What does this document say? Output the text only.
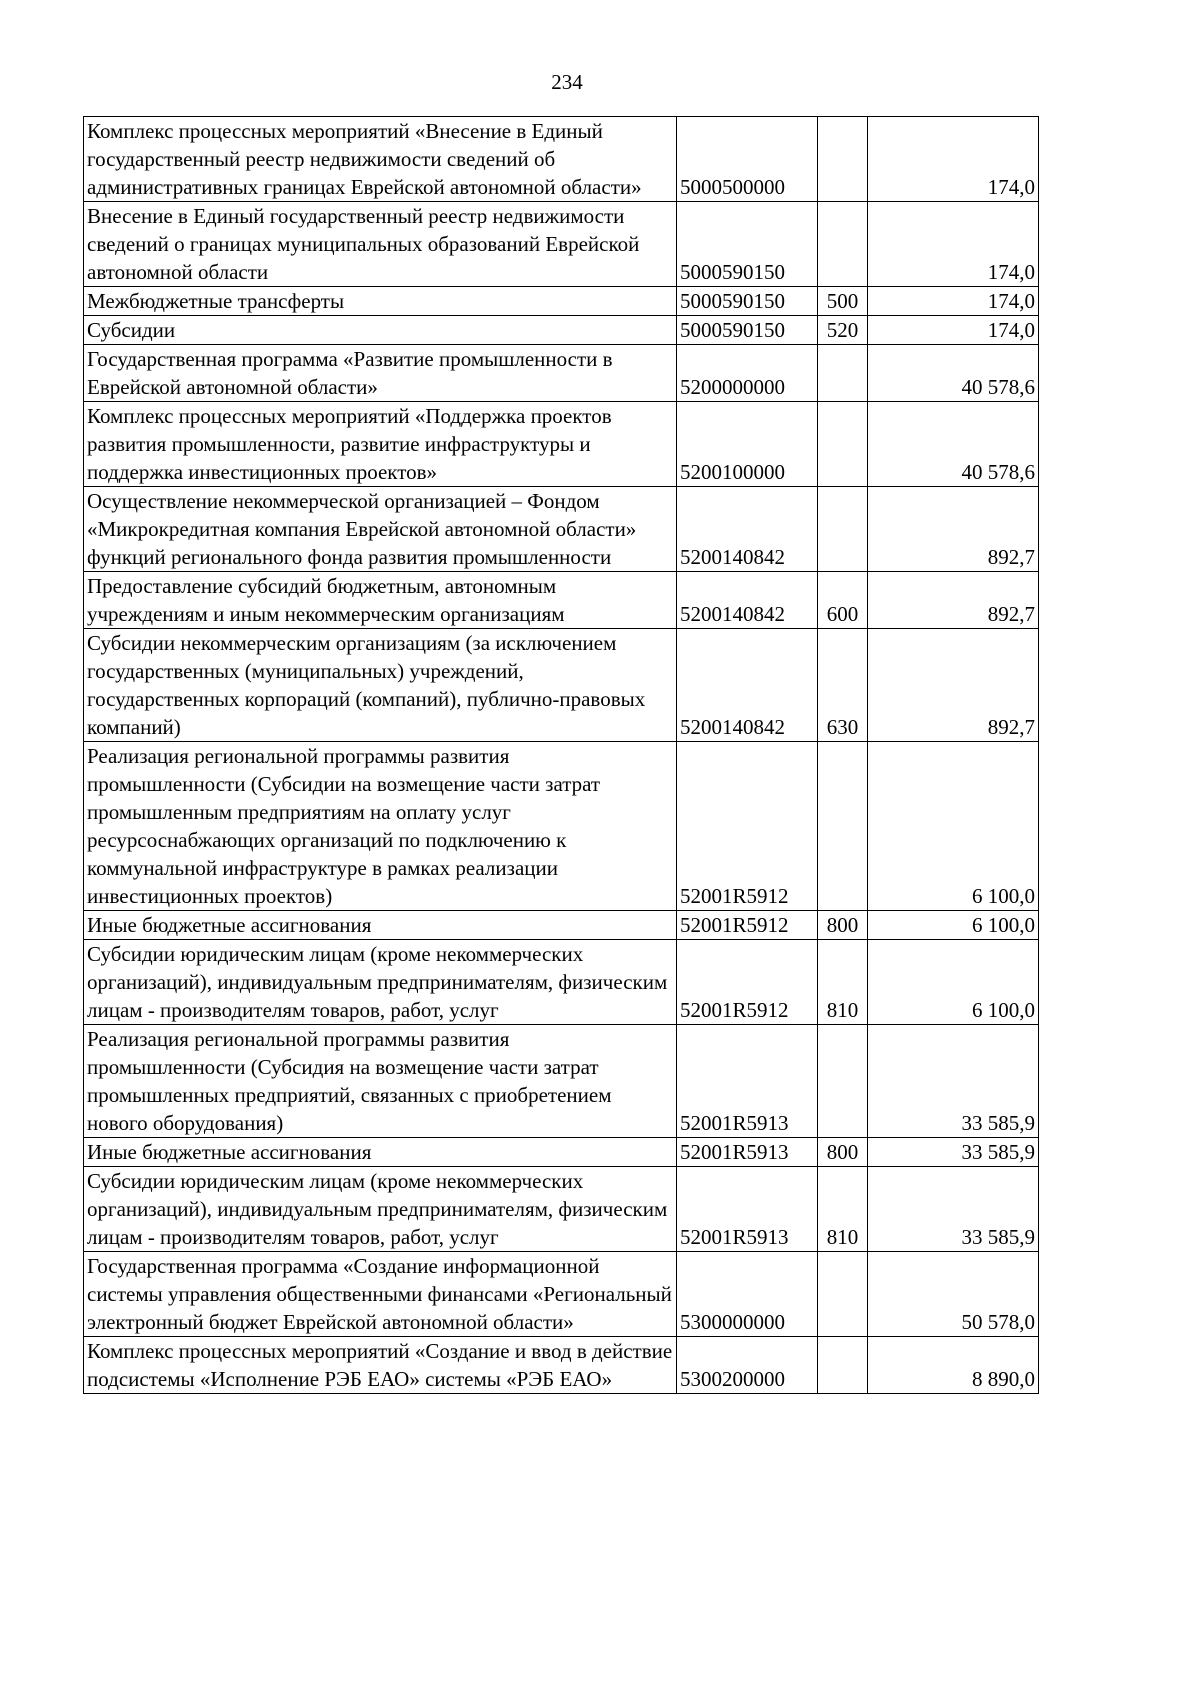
234
Комплекс процессных мероприятий «Внесение в Единый государственный реестр недвижимости сведений об административных границах Еврейской автономной области»	5000500000		174,0
Внесение в Единый государственный реестр недвижимости сведений о границах муниципальных образований Еврейской автономной области	5000590150		174,0
Межбюджетные трансферты	5000590150	500	174,0
Субсидии	5000590150	520	174,0
Государственная программа «Развитие промышленности в Еврейской автономной области»	5200000000		40 578,6
Комплекс процессных мероприятий «Поддержка проектов развития промышленности, развитие инфраструктуры и поддержка инвестиционных проектов»	5200100000		40 578,6
Осуществление некоммерческой организацией – Фондом «Микрокредитная компания Еврейской автономной области» функций регионального фонда развития промышленности	5200140842		892,7
Предоставление субсидий бюджетным, автономным учреждениям и иным некоммерческим организациям	5200140842	600	892,7
Субсидии некоммерческим организациям (за исключением государственных (муниципальных) учреждений, государственных корпораций (компаний), публично-правовых компаний)	5200140842	630	892,7
Реализация региональной программы развития промышленности (Субсидии на возмещение части затрат промышленным предприятиям на оплату услуг ресурсоснабжающих организаций по подключению к коммунальной инфраструктуре в рамках реализации инвестиционных проектов)	52001R5912		6 100,0
Иные бюджетные ассигнования	52001R5912	800	6 100,0
Субсидии юридическим лицам (кроме некоммерческих организаций), индивидуальным предпринимателям, физическим лицам - производителям товаров, работ, услуг	52001R5912	810	6 100,0
Реализация региональной программы развития промышленности (Субсидия на возмещение части затрат промышленных предприятий, связанных с приобретением нового оборудования)	52001R5913		33 585,9
Иные бюджетные ассигнования	52001R5913	800	33 585,9
Субсидии юридическим лицам (кроме некоммерческих организаций), индивидуальным предпринимателям, физическим лицам - производителям товаров, работ, услуг	52001R5913	810	33 585,9
Государственная программа «Создание информационной системы управления общественными финансами «Региональный электронный бюджет Еврейской автономной области»	5300000000		50 578,0
Комплекс процессных мероприятий «Создание и ввод в действие подсистемы «Исполнение РЭБ ЕАО» системы «РЭБ ЕАО»	5300200000		8 890,0
